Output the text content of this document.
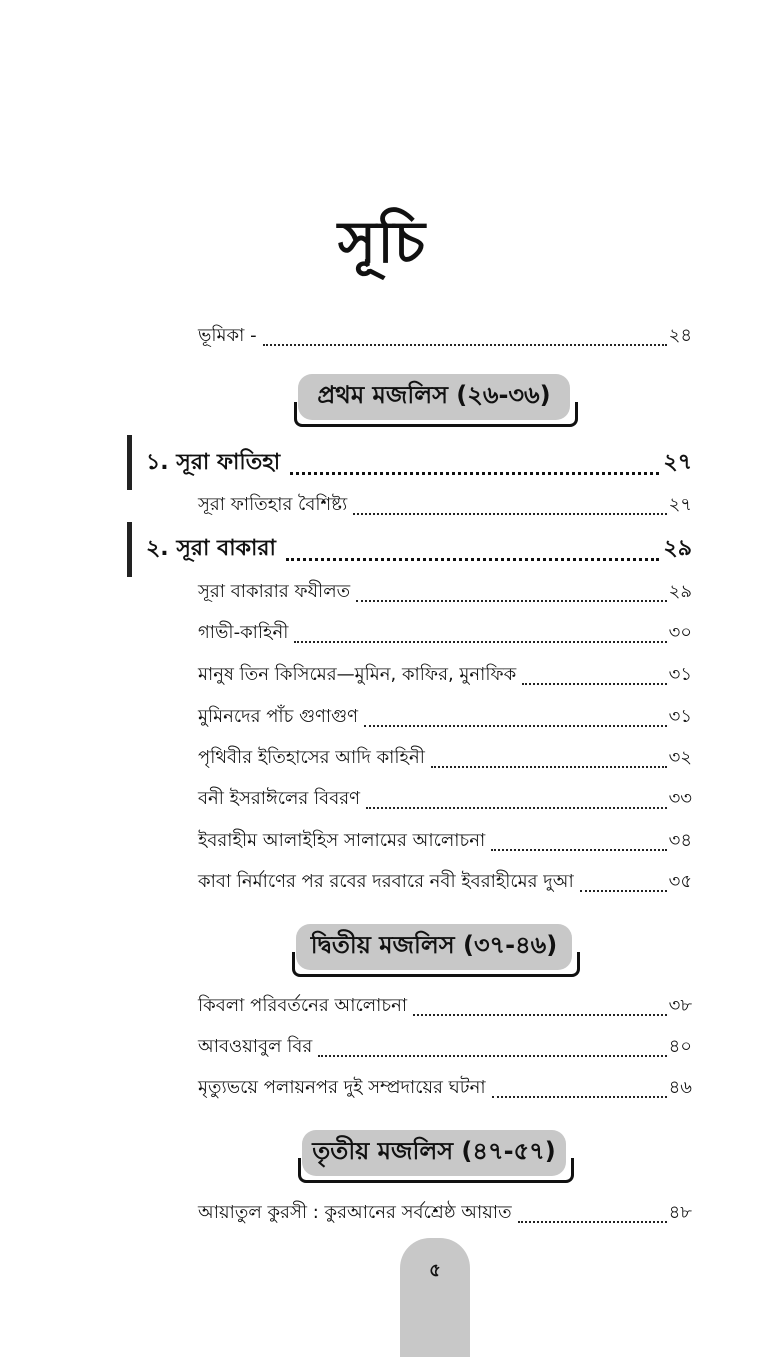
সূচি
ভূমিকা -	২৪
প্রথম মজলিস (২৬-৩৬)
১. সূরা ফাতিহা	২৭
সূরা ফাতিহার বৈশিষ্ট্য	২৭
২. সূরা বাকারা	২৯
সূরা বাকারার ফযীলত	২৯
গাভী-কাহিনী	৩০
মানুষ তিন কিসিমের—মুমিন, কাফির, মুনাফিক	৩১
মুমিনদের পাঁচ গুণাগুণ	৩১
পৃথিবীর ইতিহাসের আদি কাহিনী	৩২
বনী ইসরাঈলের বিবরণ	৩৩
ইবরাহীম আলাইহিস সালামের আলোচনা	৩৪
কাবা নির্মাণের পর রবের দরবারে নবী ইবরাহীমের দুআ	৩৫
দ্বিতীয় মজলিস (৩৭-৪৬)
কিবলা পরিবর্তনের আলোচনা	৩৮
আবওয়াবুল বির	৪০
মৃত্যুভয়ে পলায়নপর দুই সম্প্রদায়ের ঘটনা	৪৬
তৃতীয় মজলিস (৪৭-৫৭)
আয়াতুল কুরসী : কুরআনের সর্বশ্রেষ্ঠ আয়াত	৪৮
৫
